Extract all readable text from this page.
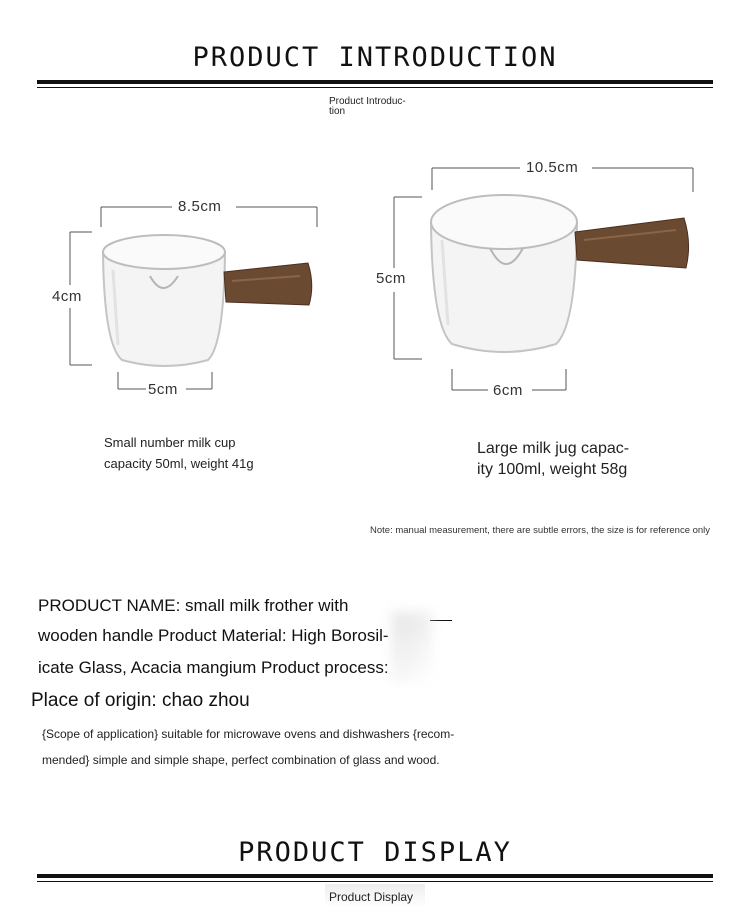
PRODUCT INTRODUCTION
Product Introduc-tion
8.5cm
4cm
5cm
Small number milk cup
capacity 50ml, weight 41g
10.5cm
5cm
6cm
Large milk jug capac-
ity 100ml, weight 58g
Note: manual measurement, there are subtle errors, the size is for reference only
PRODUCT NAME: small milk frother with
wooden handle Product Material: High Borosil-
icate Glass, Acacia mangium Product process:
Place of origin: chao zhou
{Scope of application} suitable for microwave ovens and dishwashers {recom-
mended} simple and simple shape, perfect combination of glass and wood.
PRODUCT DISPLAY
Product Display
